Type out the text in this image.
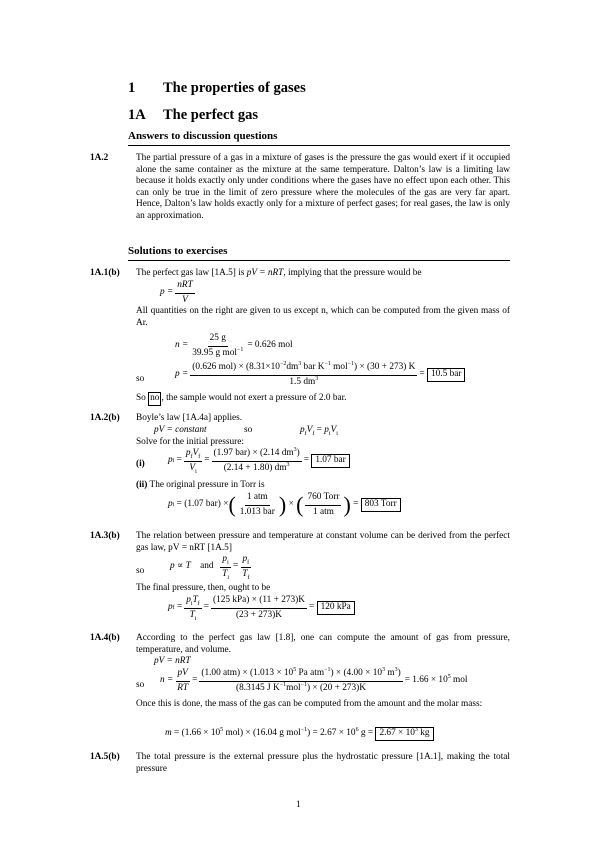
1 The properties of gases
1A The perfect gas
Answers to discussion questions
1A.2	The partial pressure of a gas in a mixture of gases is the pressure the gas would exert if it occupied alone the same container as the mixture at the same temperature. Dalton’s law is a limiting law because it holds exactly only under conditions where the gases have no effect upon each other. This can only be true in the limit of zero pressure where the molecules of the gas are very far apart. Hence, Dalton’s law holds exactly only for a mixture of perfect gases; for real gases, the law is only an approximation.
Solutions to exercises
1A.1(b) The perfect gas law [1A.5] is pV = nRT, implying that the pressure would be
$p = \frac{\text{nRT}}{V}$
All quantities on the right are given to us except n, which can be computed from the given mass of Ar.
$n = \frac{25 g}{39.95 g mol^{-1}} = 0.626$ mol
so	$p = \frac{(0.626 mol) \times (8.31\times 10^{-2}dm^3 bar K^{-1} mol^{-1}) \times (30 + 273) K}{1.5 dm^3}$ =
10.5 bar
So no , the sample would not exert a pressure of 2.0 bar.
1A.2(b) Boyle’s law [1A.4a] applies.
pV = constant	so	$p_fV_f = p_iV_i$
Solve for the initial pressure:
(i) p $i = \frac{p_fV_f}{V_i} = \frac{(1.97 bar) \times (2.14 dm^3)}{(2.14 + 1.80) dm^3} = 1.07$ bar
(ii) The original pressure in Torr is
p i = (1.07 bar) × ( $\frac{\text{1 atm}}{\text{1.013 bar}}$ )
×
( $\frac{\text{760 Torr}}{\text{1 atm}}$ ) = 803 Torr
1A.3(b) The relation between pressure and temperature at constant volume can be derived from the perfect gas law, pV = nRT [1A.5]
so	p ∝ T
and
$\frac{p_i}{T_i} = \frac{p_f}{T_f}$
The final pressure, then, ought to be
p $f = \frac{p_iT_f}{T_i} = \frac{\text{(125 kPa) × (11 + 273)K}}{(23 + 273)K} = 120$ kPa
1A.4(b) According to the perfect gas law [1.8], one can compute the amount of gas from pressure, temperature, and volume.
pV = nRT
so $n = \frac{pV}{RT} = \frac{(1.00 atm) \times (1.013 \times 10^5 Pa atm^{-1}) \times (4.00 \times 10^3 m^3)}{(8.3145 J K^{-1}mol^{-1}) \times (20 + 273)K} = 1.66 \times 10^5$ mol
Once this is done, the mass of the gas can be computed from the amount and the molar mass:
$m = (1.66 \times 10^5$ mol) × (16.04 g $mol^{-1}) = 2.67 \times 10^6$ g =
$2.67 \times 10^3$ kg
1A.5(b) The total pressure is the external pressure plus the hydrostatic pressure [1A.1], making the total pressure
1
